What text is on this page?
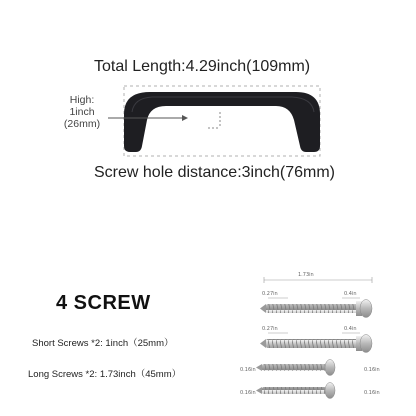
Total Length:4.29inch(109mm)
High:
1inch
(26mm)
Screw hole distance:3inch(76mm)
4 SCREW
Short Screws *2: 1inch（25mm）
Long Screws *2: 1.73inch（45mm）
1.73in
0.27in	0.4in
0.27in	0.4in
0.16in	0.16in
0.16in	0.16in
